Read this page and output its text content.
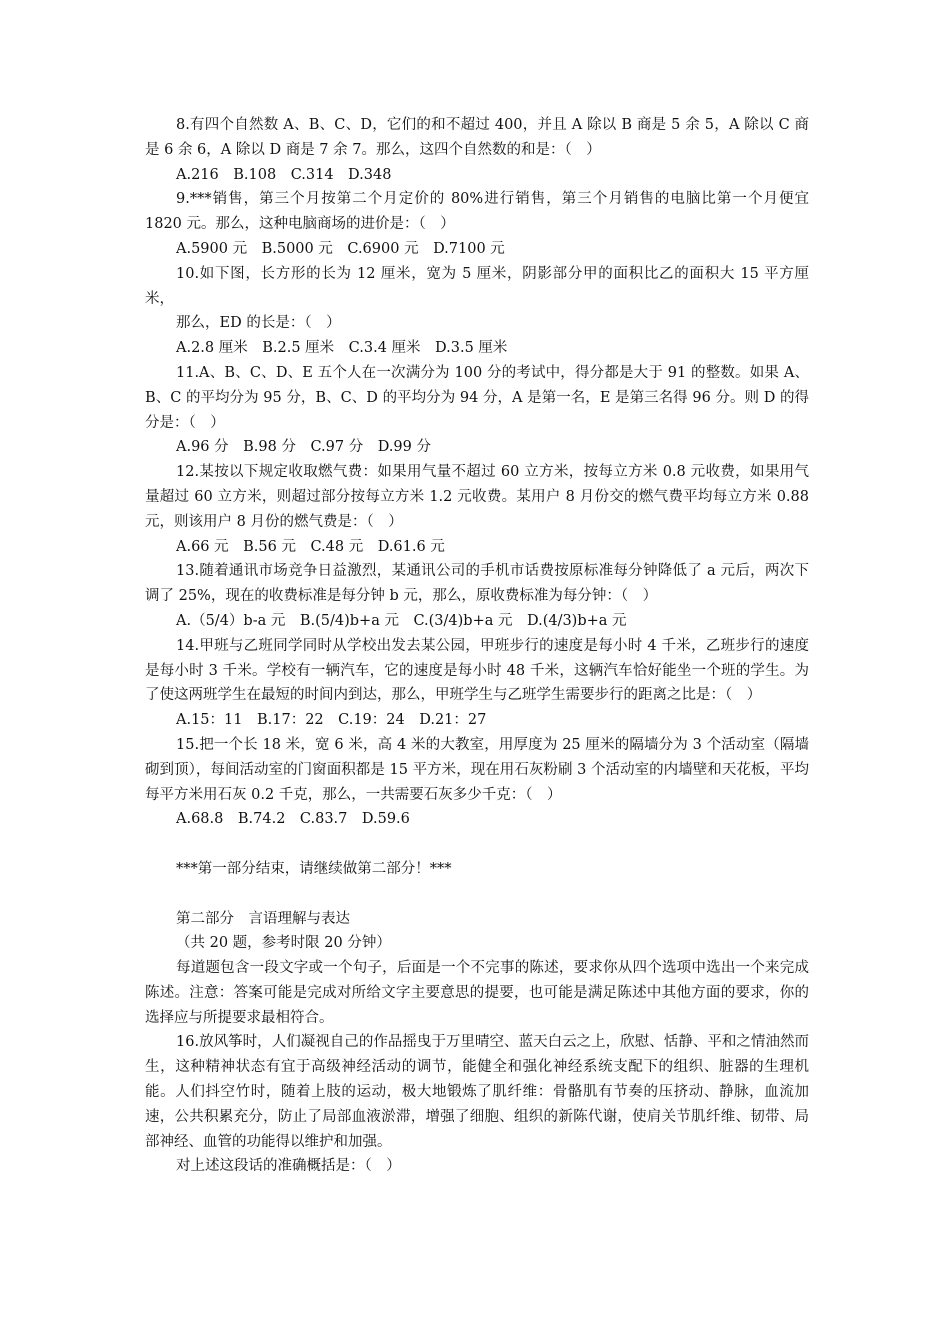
8.有四个自然数 A、B、C、D，它们的和不超过 400，并且 A 除以 B 商是 5 余 5，A 除以 C 商是 6 余 6，A 除以 D 商是 7 余 7。那么，这四个自然数的和是：（　）
A.216　B.108　C.314　D.348
9.***销售，第三个月按第二个月定价的 80%进行销售，第三个月销售的电脑比第一个月便宜 1820 元。那么，这种电脑商场的进价是：（　）
A.5900 元　B.5000 元　C.6900 元　D.7100 元
10.如下图，长方形的长为 12 厘米，宽为 5 厘米，阴影部分甲的面积比乙的面积大 15 平方厘米，
那么，ED 的长是：（　）
A.2.8 厘米　B.2.5 厘米　C.3.4 厘米　D.3.5 厘米
11.A、B、C、D、E 五个人在一次满分为 100 分的考试中，得分都是大于 91 的整数。如果 A、B、C 的平均分为 95 分，B、C、D 的平均分为 94 分，A 是第一名，E 是第三名得 96 分。则 D 的得分是：（　）
A.96 分　B.98 分　C.97 分　D.99 分
12.某按以下规定收取燃气费：如果用气量不超过 60 立方米，按每立方米 0.8 元收费，如果用气量超过 60 立方米，则超过部分按每立方米 1.2 元收费。某用户 8 月份交的燃气费平均每立方米 0.88 元，则该用户 8 月份的燃气费是：（　）
A.66 元　B.56 元　C.48 元　D.61.6 元
13.随着通讯市场竞争日益激烈，某通讯公司的手机市话费按原标准每分钟降低了 a 元后，两次下调了 25%，现在的收费标准是每分钟 b 元，那么，原收费标准为每分钟：（　）
A.（5/4）b-a 元　B.(5/4)b+a 元　C.(3/4)b+a 元　D.(4/3)b+a 元
14.甲班与乙班同学同时从学校出发去某公园，甲班步行的速度是每小时 4 千米，乙班步行的速度是每小时 3 千米。学校有一辆汽车，它的速度是每小时 48 千米，这辆汽车恰好能坐一个班的学生。为了使这两班学生在最短的时间内到达，那么，甲班学生与乙班学生需要步行的距离之比是：（　）
A.15：11　B.17：22　C.19：24　D.21：27
15.把一个长 18 米，宽 6 米，高 4 米的大教室，用厚度为 25 厘米的隔墙分为 3 个活动室（隔墙砌到顶），每间活动室的门窗面积都是 15 平方米，现在用石灰粉刷 3 个活动室的内墙壁和天花板，平均每平方米用石灰 0.2 千克，那么，一共需要石灰多少千克：（　）
A.68.8　B.74.2　C.83.7　D.59.6
***第一部分结束，请继续做第二部分！***
第二部分　言语理解与表达
（共 20 题，参考时限 20 分钟）
每道题包含一段文字或一个句子，后面是一个不完事的陈述，要求你从四个选项中选出一个来完成陈述。注意：答案可能是完成对所给文字主要意思的提要，也可能是满足陈述中其他方面的要求，你的选择应与所提要求最相符合。
16.放风筝时，人们凝视自己的作品摇曳于万里晴空、蓝天白云之上，欣慰、恬静、平和之情油然而生，这种精神状态有宜于高级神经活动的调节，能健全和强化神经系统支配下的组织、脏器的生理机能。人们抖空竹时，随着上肢的运动，极大地锻炼了肌纤维：骨骼肌有节奏的压挤动、静脉，血流加速，公共积累充分，防止了局部血液淤滞，增强了细胞、组织的新陈代谢，使肩关节肌纤维、韧带、局部神经、血管的功能得以维护和加强。
对上述这段话的准确概括是：（　）
